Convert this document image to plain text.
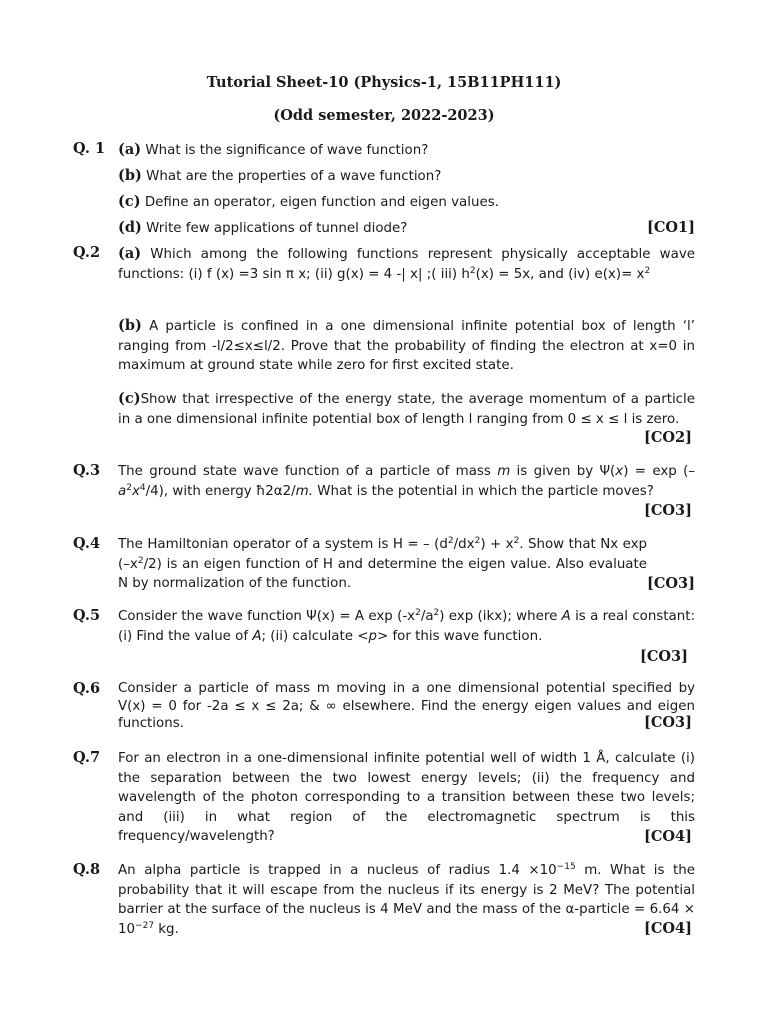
Tutorial Sheet-10 (Physics-1, 15B11PH111)
(Odd semester, 2022-2023)
Q. 1 (a) What is the significance of wave function?
(b) What are the properties of a wave function?
(c) Define an operator, eigen function and eigen values.
[CO1]
(d) Write few applications of tunnel diode?
Q.2 (a) Which among the following functions represent physically acceptable wave functions: (i) f (x) =3 sin π x; (ii) g(x) = 4 -| x| ;( iii) $h^2(x) = 5x$, and (iv) $e(x)= x^2$
(b) A particle is confined in a one dimensional infinite potential box of length ‘l’ ranging from -l/2≤x≤l/2. Prove that the probability of finding the electron at x=0 in maximum at ground state while zero for first excited state.
(c)Show that irrespective of the energy state, the average momentum of a particle in a one dimensional infinite potential box of length l ranging from 0 ≤ x ≤ l is zero.
[CO2]
Q.3 The ground state wave function of a particle of mass m is given by $\Psi(x) = \exp (-a^2x^4/4)$, with energy ħ2α2/m. What is the potential in which the particle moves?
[CO3]
Q.4
[CO3]
The Hamiltonian operator of a system is H = – $(d^2/dx^2) + x^2$. Show that Nx $\exp (-x^2/2)$ is an eigen function of H and determine the eigen value. Also evaluate N by normalization of the function.
Q.5 Consider the wave function Ψ(x) = A $\exp (-x^2/a^2)$ exp (ikx); where A is a real constant: (i) Find the value of A; (ii) calculate <p> for this wave function.
[CO3]
Q.6 Consider a particle of mass m moving in a one dimensional potential specified by V(x) = 0 for -2a ≤ x ≤ 2a; & ∞ elsewhere. Find the energy eigen values and eigen functions.	[CO3]
Q.7 For an electron in a one-dimensional infinite potential well of width 1 Å, calculate (i) the separation between the two lowest energy levels; (ii) the frequency and wavelength of the photon corresponding to a transition between these two levels; and (iii) in what region of the electromagnetic spectrum is this frequency/wavelength?	[CO4]
Q.8 An alpha particle is trapped in a nucleus of radius $1.4 \times 10^{-15}$ m. What is the probability that it will escape from the nucleus if its energy is 2 MeV? The potential barrier at the surface of the nucleus is 4 MeV and the mass of the α-particle = $6.64 \times 10^{-27}$ kg.	[CO4]
